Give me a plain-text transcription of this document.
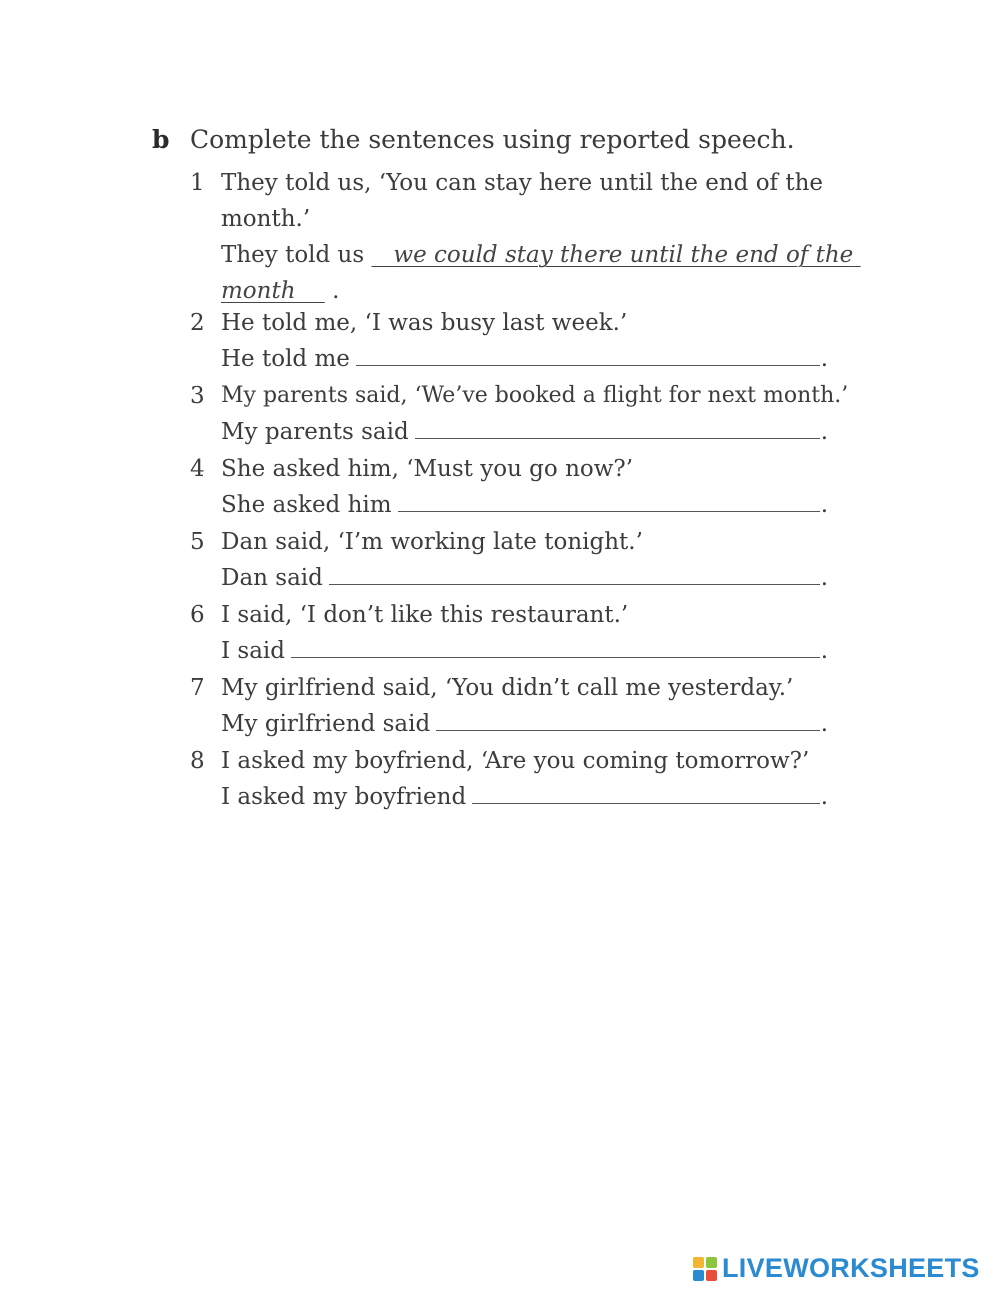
b Complete the sentences using reported speech.
1 They told us, ‘You can stay here until the end of the
month.’
They told us we could stay there until the end of the
month .
2 He told me, ‘I was busy last week.’
He told me	.
3 My parents said, ‘We’ve booked a flight for next month.’
My parents said	.
4 She asked him, ‘Must you go now?’
She asked him	.
5 Dan said, ‘I’m working late tonight.’
Dan said	.
6 I said, ‘I don’t like this restaurant.’
I said	.
7 My girlfriend said, ‘You didn’t call me yesterday.’
My girlfriend said	.
8 I asked my boyfriend, ‘Are you coming tomorrow?’
I asked my boyfriend	.
LIVEWORKSHEETS
